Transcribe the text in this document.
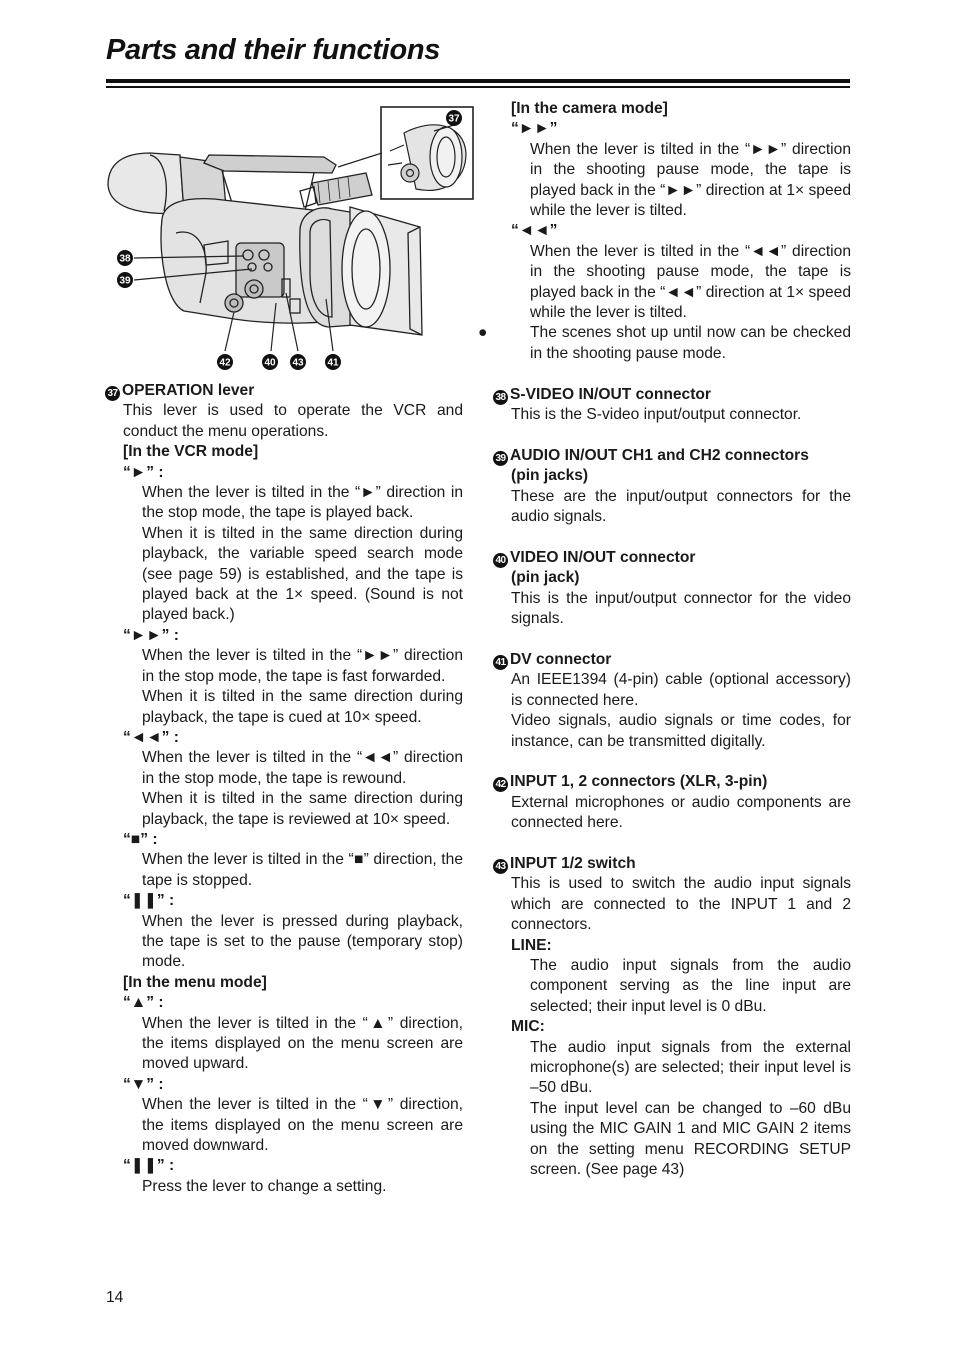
Parts and their functions
37
38
39
42	40 43 41
37 OPERATION lever

This lever is used to operate the VCR and conduct the menu operations.

[In the VCR mode]
“►” :

When the lever is tilted in the “►” direction in the stop mode, the tape is played back.

When it is tilted in the same direction during playback, the variable speed search mode (see page 59) is established, and the tape is played back at the 1× speed. (Sound is not played back.)

“►►” :

When the lever is tilted in the “►►” direction in the stop mode, the tape is fast forwarded.

When it is tilted in the same direction during playback, the tape is cued at 10× speed.

“◄◄” :

When the lever is tilted in the “◄◄” direction in the stop mode, the tape is rewound.

When it is tilted in the same direction during playback, the tape is reviewed at 10× speed.

“■” :

When the lever is tilted in the “■” direction, the tape is stopped.

“❚❚” :

When the lever is pressed during playback, the tape is set to the pause (temporary stop) mode.

[In the menu mode]
“▲” :

When the lever is tilted in the “▲” direction, the items displayed on the menu screen are moved upward.

“▼” :

When the lever is tilted in the “▼” direction, the items displayed on the menu screen are moved downward.

“❚❚” :

Press the lever to change a setting.

[In the camera mode]
“►►”

When the lever is tilted in the “►►” direction in the shooting pause mode, the tape is played back in the “►►” direction at 1× speed while the lever is tilted.

“◄◄”

When the lever is tilted in the “◄◄” direction in the shooting pause mode, the tape is played back in the “◄◄” direction at 1× speed while the lever is tilted.

●	The scenes shot up until now can be checked in the shooting pause mode.

38 S-VIDEO IN/OUT connector

This is the S-video input/output connector.

39 AUDIO IN/OUT CH1 and CH2 connectors
(pin jacks)

These are the input/output connectors for the audio signals.

40 VIDEO IN/OUT connector
(pin jack)

This is the input/output connector for the video signals.

41 DV connector

An IEEE1394 (4-pin) cable (optional accessory) is connected here.

Video signals, audio signals or time codes, for instance, can be transmitted digitally.

42 INPUT 1, 2 connectors (XLR, 3-pin)

External microphones or audio components are connected here.

43 INPUT 1/2 switch

This is used to switch the audio input signals which are connected to the INPUT 1 and 2 connectors.

LINE:

The audio input signals from the audio component serving as the line input are selected; their input level is 0 dBu.

MIC:

The audio input signals from the external microphone(s) are selected; their input level is –50 dBu.

The input level can be changed to –60 dBu using the MIC GAIN 1 and MIC GAIN 2 items on the setting menu RECORDING SETUP screen. (See page 43)

14
